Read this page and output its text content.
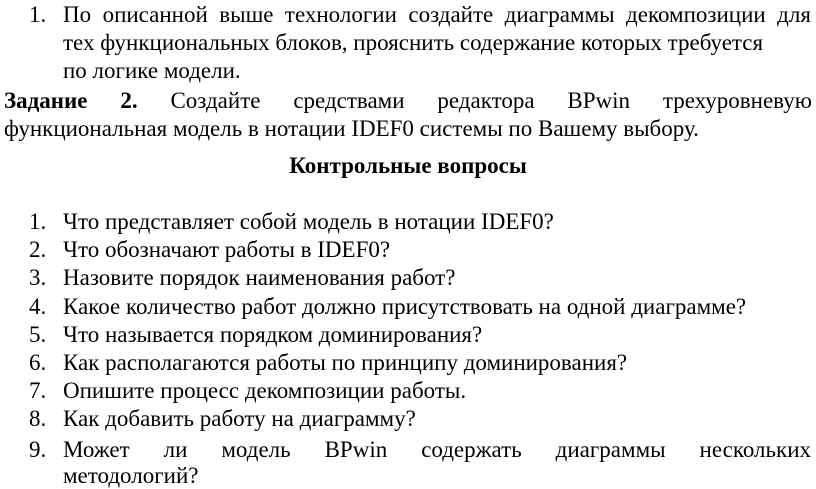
1. По описанной выше технологии создайте диаграммы декомпозиции для
тех функциональных блоков, прояснить содержание которых требуется
по логике модели.
Задание 2. Создайте средствами редактора BPwin трехуровневую
функциональная модель в нотации IDEF0 системы по Вашему выбору.
Контрольные вопросы
1. Что представляет собой модель в нотации IDEF0?
2. Что обозначают работы в IDEF0?
3. Назовите порядок наименования работ?
4. Какое количество работ должно присутствовать на одной диаграмме?
5. Что называется порядком доминирования?
6. Как располагаются работы по принципу доминирования?
7. Опишите процесс декомпозиции работы.
8. Как добавить работу на диаграмму?
9. Может ли модель BPwin содержать диаграммы нескольких
методологий?
